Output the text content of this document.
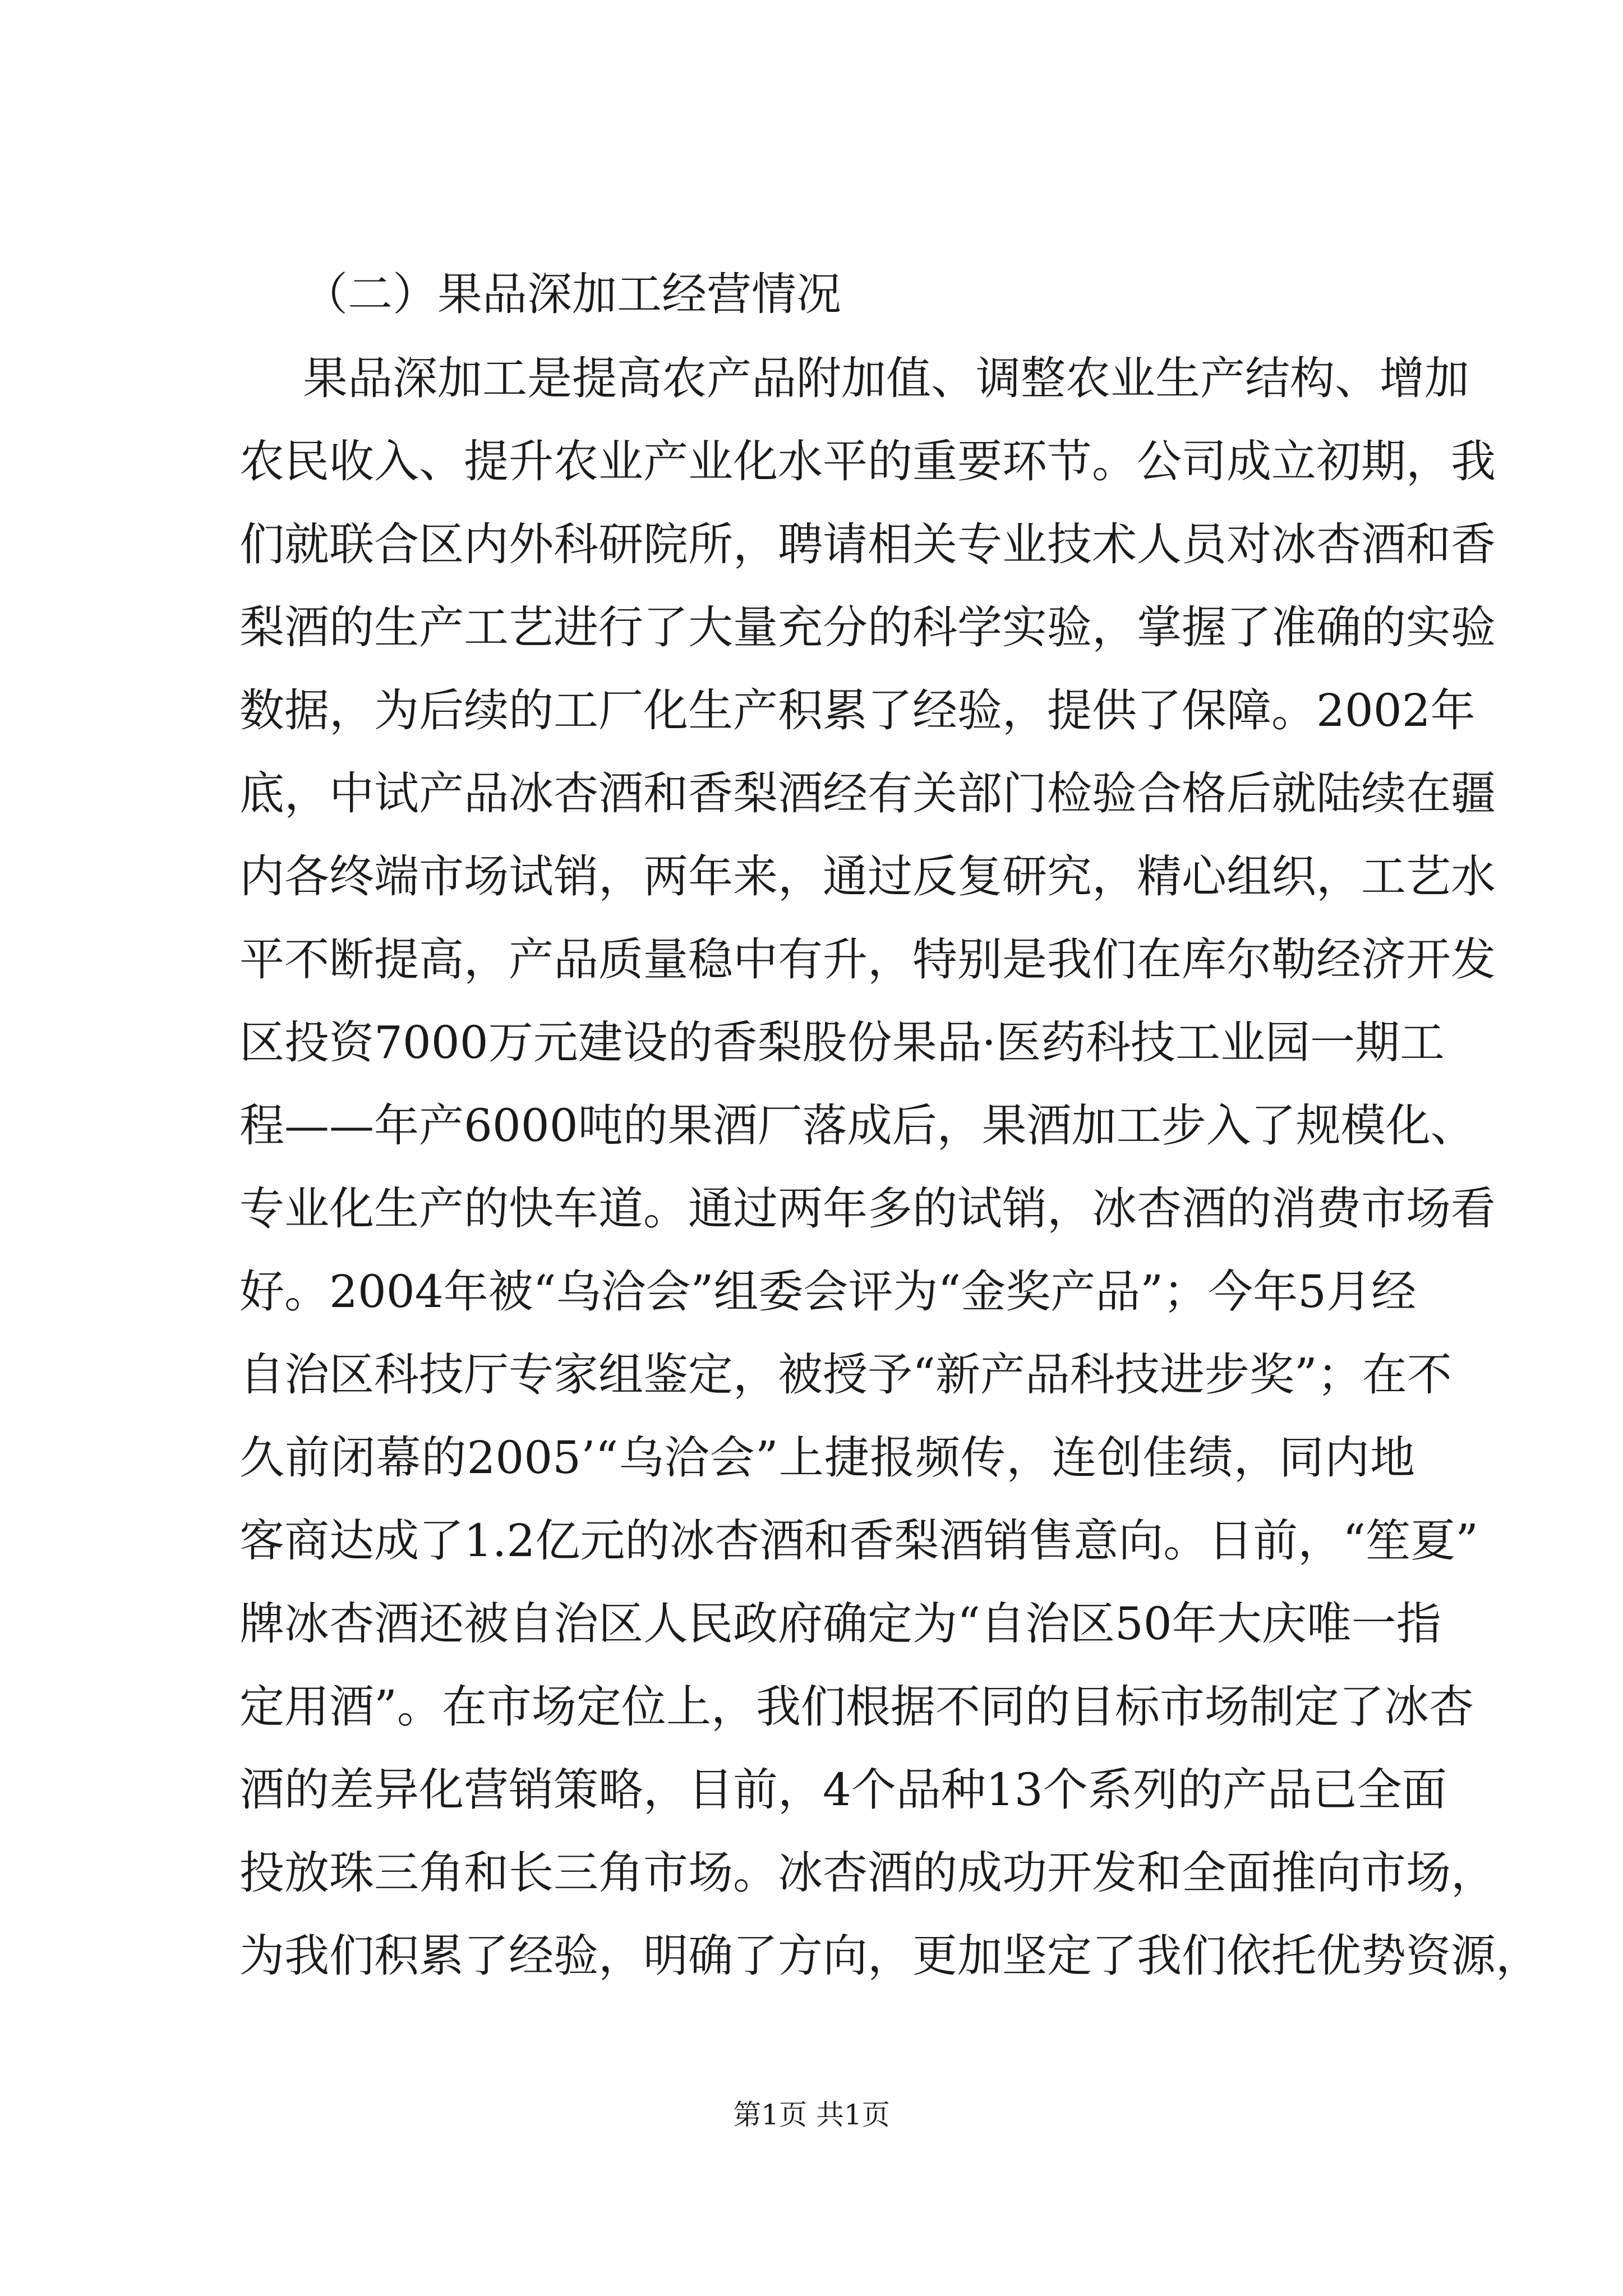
（二）果品深加工经营情况
果品深加工是提高农产品附加值、调整农业生产结构、增加
农民收入、提升农业产业化水平的重要环节。公司成立初期，我
们就联合区内外科研院所，聘请相关专业技术人员对冰杏酒和香
梨酒的生产工艺进行了大量充分的科学实验，掌握了准确的实验
数据，为后续的工厂化生产积累了经验，提供了保障。2002年
底，中试产品冰杏酒和香梨酒经有关部门检验合格后就陆续在疆
内各终端市场试销，两年来，通过反复研究，精心组织，工艺水
平不断提高，产品质量稳中有升，特别是我们在库尔勒经济开发
区投资7000万元建设的香梨股份果品·医药科技工业园一期工
程——年产6000吨的果酒厂落成后，果酒加工步入了规模化、
专业化生产的快车道。通过两年多的试销，冰杏酒的消费市场看
好。2004年被“乌洽会”组委会评为“金奖产品”；今年5月经
自治区科技厅专家组鉴定，被授予“新产品科技进步奖”；在不
久前闭幕的2005’“乌洽会”上捷报频传，连创佳绩，同内地
客商达成了1.2亿元的冰杏酒和香梨酒销售意向。日前，“笙夏”
牌冰杏酒还被自治区人民政府确定为“自治区50年大庆唯一指
定用酒”。在市场定位上，我们根据不同的目标市场制定了冰杏
酒的差异化营销策略，目前，4个品种13个系列的产品已全面
投放珠三角和长三角市场。冰杏酒的成功开发和全面推向市场，
为我们积累了经验，明确了方向，更加坚定了我们依托优势资源，
第1页 共1页
